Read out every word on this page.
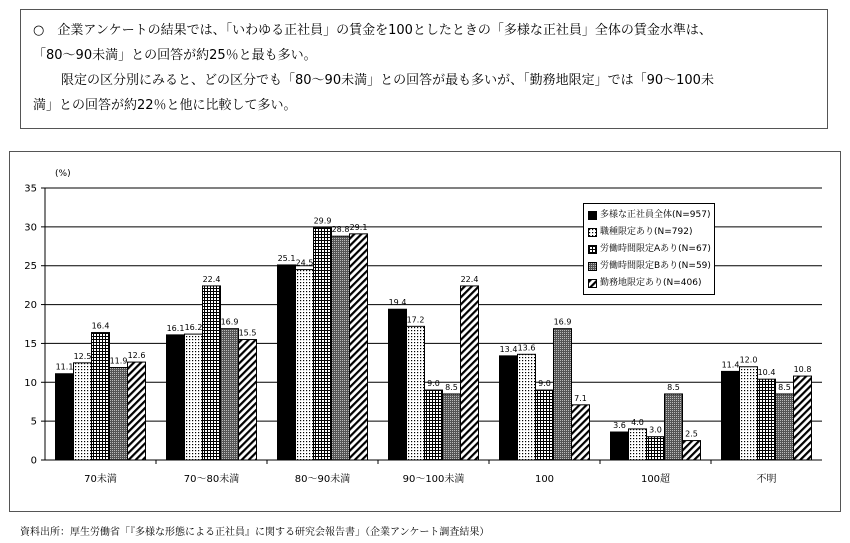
○　企業アンケートの結果では、「いわゆる正社員」の賃金を100としたときの「多様な正社員」全体の賃金水準は、

「80～90未満」との回答が約25％と最も多い。

限定の区分別にみると、どの区分でも「80～90未満」との回答が最も多いが、「勤務地限定」では「90～100未

満」との回答が約22％と他に比較して多い。

11.1
12.5
16.4
11.9
12.6
16.1 16.2
22.4
16.9
15.5
25.1
24.5
29.9
28.8 29.1
19.4
17.2
9.0 8.5
22.4
13.4 13.6
9.0
16.9
7.1
3.6 4.0
3.0
8.5
2.5
11.4
12.0
10.4
8.5
10.8
0
5
10
15
20
25
30
35
(%)
70未満	70～80未満	80～90未満	90～100未満	100	100超	不明
資料出所：厚生労働省「『多様な形態による正社員』に関する研究会報告書」（企業アンケート調査結果）
多様な正社員全体(N=957)
職種限定あり(N=792)
労働時間限定Aあり(N=67)
労働時間限定Bあり(N=59)
勤務地限定あり(N=406)
